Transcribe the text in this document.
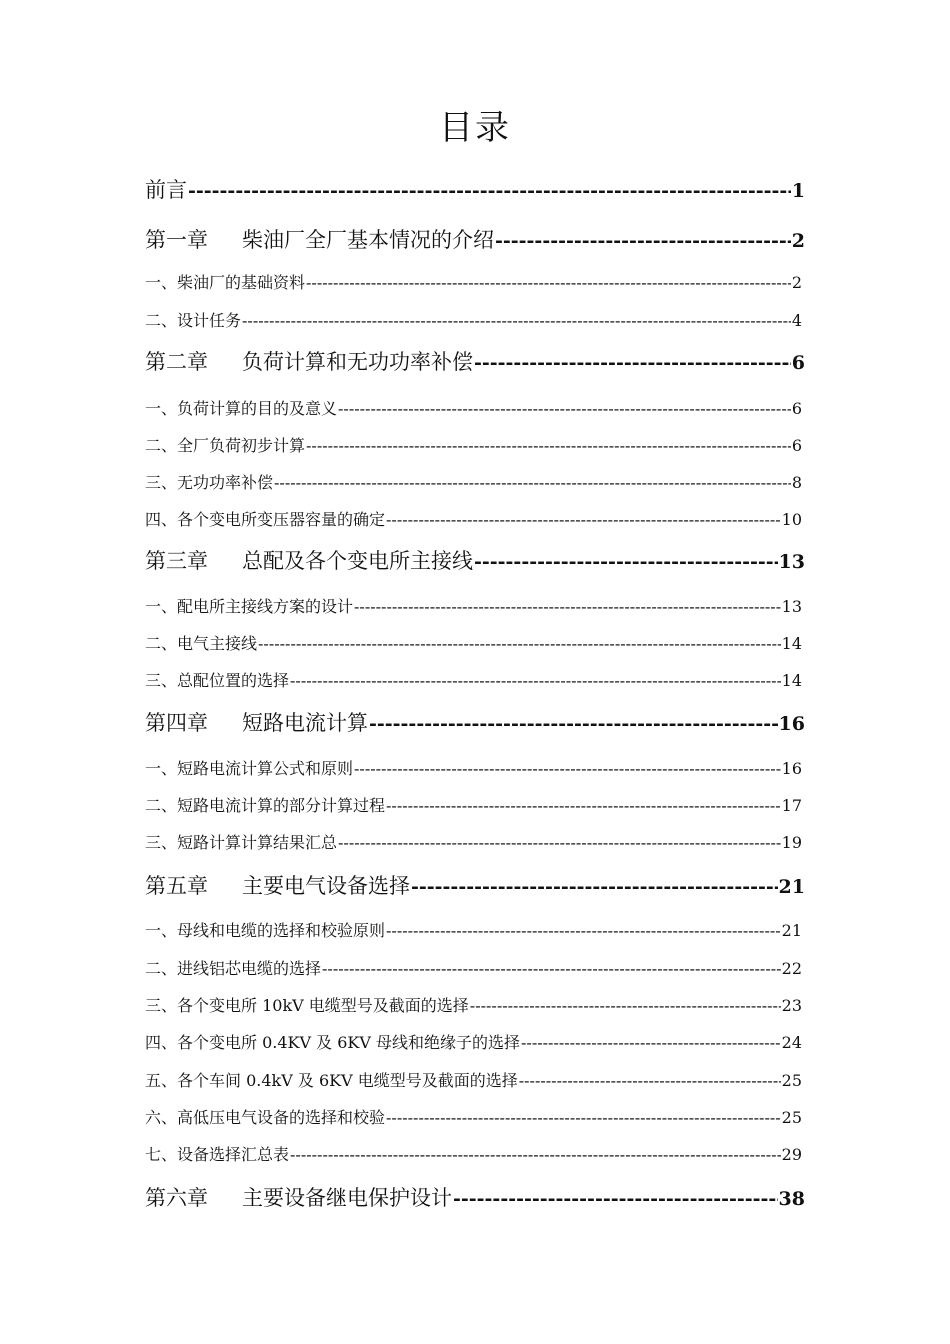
目录
前言 -----	1
第一章 柴油厂全厂基本情况的介绍 -----	2
一、柴油厂的基础资料 -----	2
二、设计任务 -----	4
第二章 负荷计算和无功功率补偿 -----	6
一、负荷计算的目的及意义 -----	6
二、全厂负荷初步计算 -----	6
三、无功功率补偿 -----	8
四、各个变电所变压器容量的确定 -----	10
第三章 总配及各个变电所主接线 -----	13
一、配电所主接线方案的设计 -----	13
二、电气主接线 -----	14
三、总配位置的选择 -----	14
第四章 短路电流计算 -----	16
一、短路电流计算公式和原则 -----	16
二、短路电流计算的部分计算过程 -----	17
三、短路计算计算结果汇总 -----	19
第五章 主要电气设备选择 -----	21
一、母线和电缆的选择和校验原则 -----	21
二、进线铝芯电缆的选择 -----	22
三、各个变电所 10kV 电缆型号及截面的选择 -----	23
四、各个变电所 0.4KV 及 6KV 母线和绝缘子的选择 -----	24
五、各个车间 0.4kV 及 6KV 电缆型号及截面的选择 -----	25
六、高低压电气设备的选择和校验 -----	25
七、设备选择汇总表 -----	29
第六章 主要设备继电保护设计 -----	38
